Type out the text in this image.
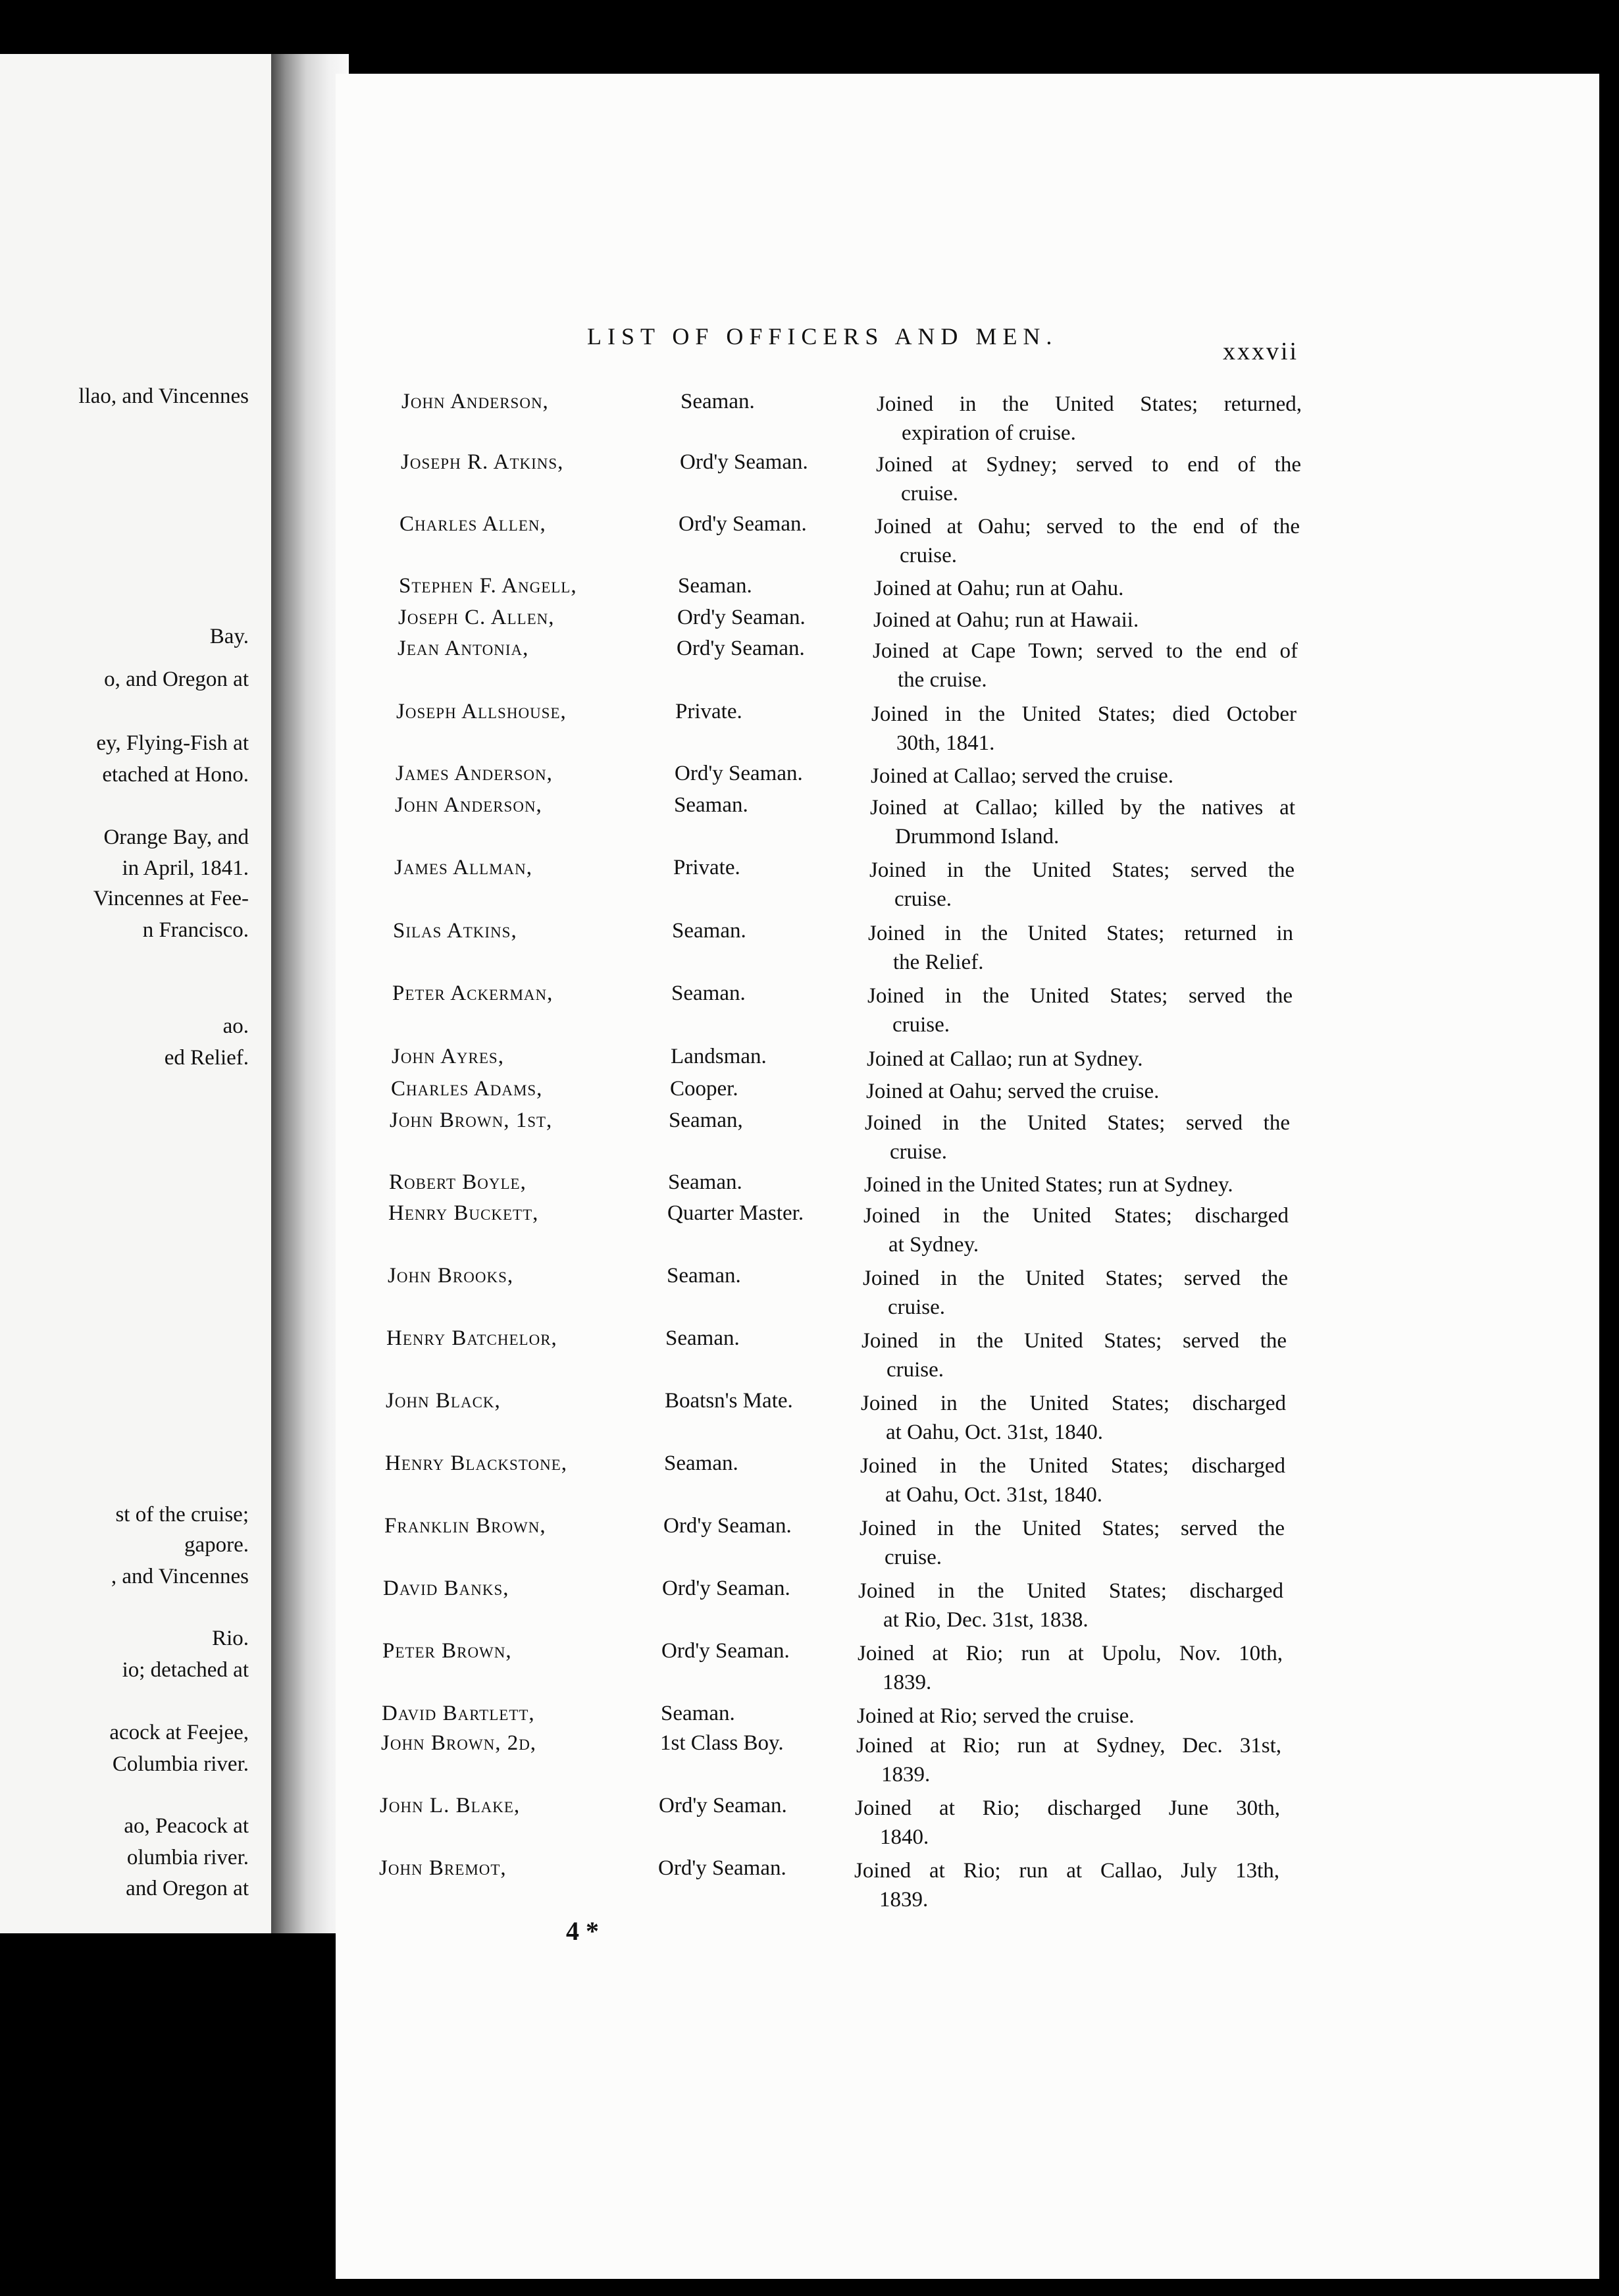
llao, and Vincennes
Bay.
o, and Oregon at
ey, Flying-Fish at
etached at Hono.
Orange Bay, and
in April, 1841.
Vincennes at Fee-
n Francisco.
ao.
ed Relief.
st of the cruise;
gapore.
, and Vincennes
Rio.
io; detached at
acock at Feejee,
Columbia river.
ao, Peacock at
olumbia river.
and Oregon at
LIST OF OFFICERS AND MEN.
xxxvii
John Anderson,	Seaman.	Joined in the United States; returned,
expiration of cruise.
Joseph R. Atkins,	Ord'y Seaman.	Joined at Sydney; served to end of the
cruise.
Charles Allen,	Ord'y Seaman.	Joined at Oahu; served to the end of the
cruise.
Stephen F. Angell,	Seaman.	Joined at Oahu; run at Oahu.
Joseph C. Allen,	Ord'y Seaman.	Joined at Oahu; run at Hawaii.
Jean Antonia,	Ord'y Seaman.	Joined at Cape Town; served to the end of
the cruise.
Joseph Allshouse,	Private.	Joined in the United States; died October
30th, 1841.
James Anderson,	Ord'y Seaman.	Joined at Callao; served the cruise.
John Anderson,	Seaman.	Joined at Callao; killed by the natives at
Drummond Island.
James Allman,	Private.	Joined in the United States; served the
cruise.
Silas Atkins,	Seaman.	Joined in the United States; returned in
the Relief.
Peter Ackerman,	Seaman.	Joined in the United States; served the
cruise.
John Ayres,	Landsman.	Joined at Callao; run at Sydney.
Charles Adams,	Cooper.	Joined at Oahu; served the cruise.
John Brown, 1st,	Seaman,	Joined in the United States; served the
cruise.
Robert Boyle,	Seaman.	Joined in the United States; run at Sydney.
Henry Buckett,	Quarter Master.	Joined in the United States; discharged
at Sydney.
John Brooks,	Seaman.	Joined in the United States; served the
cruise.
Henry Batchelor,	Seaman.	Joined in the United States; served the
cruise.
John Black,	Boatsn's Mate.	Joined in the United States; discharged
at Oahu, Oct. 31st, 1840.
Henry Blackstone,	Seaman.	Joined in the United States; discharged
at Oahu, Oct. 31st, 1840.
Franklin Brown,	Ord'y Seaman.	Joined in the United States; served the
cruise.
David Banks,	Ord'y Seaman.	Joined in the United States; discharged
at Rio, Dec. 31st, 1838.
Peter Brown,	Ord'y Seaman.	Joined at Rio; run at Upolu, Nov. 10th,
1839.
David Bartlett,	Seaman.	Joined at Rio; served the cruise.
John Brown, 2d,	1st Class Boy.	Joined at Rio; run at Sydney, Dec. 31st,
1839.
John L. Blake,	Ord'y Seaman.	Joined at Rio; discharged June 30th,
1840.
John Bremot,	Ord'y Seaman.	Joined at Rio; run at Callao, July 13th,
1839.
4 *
